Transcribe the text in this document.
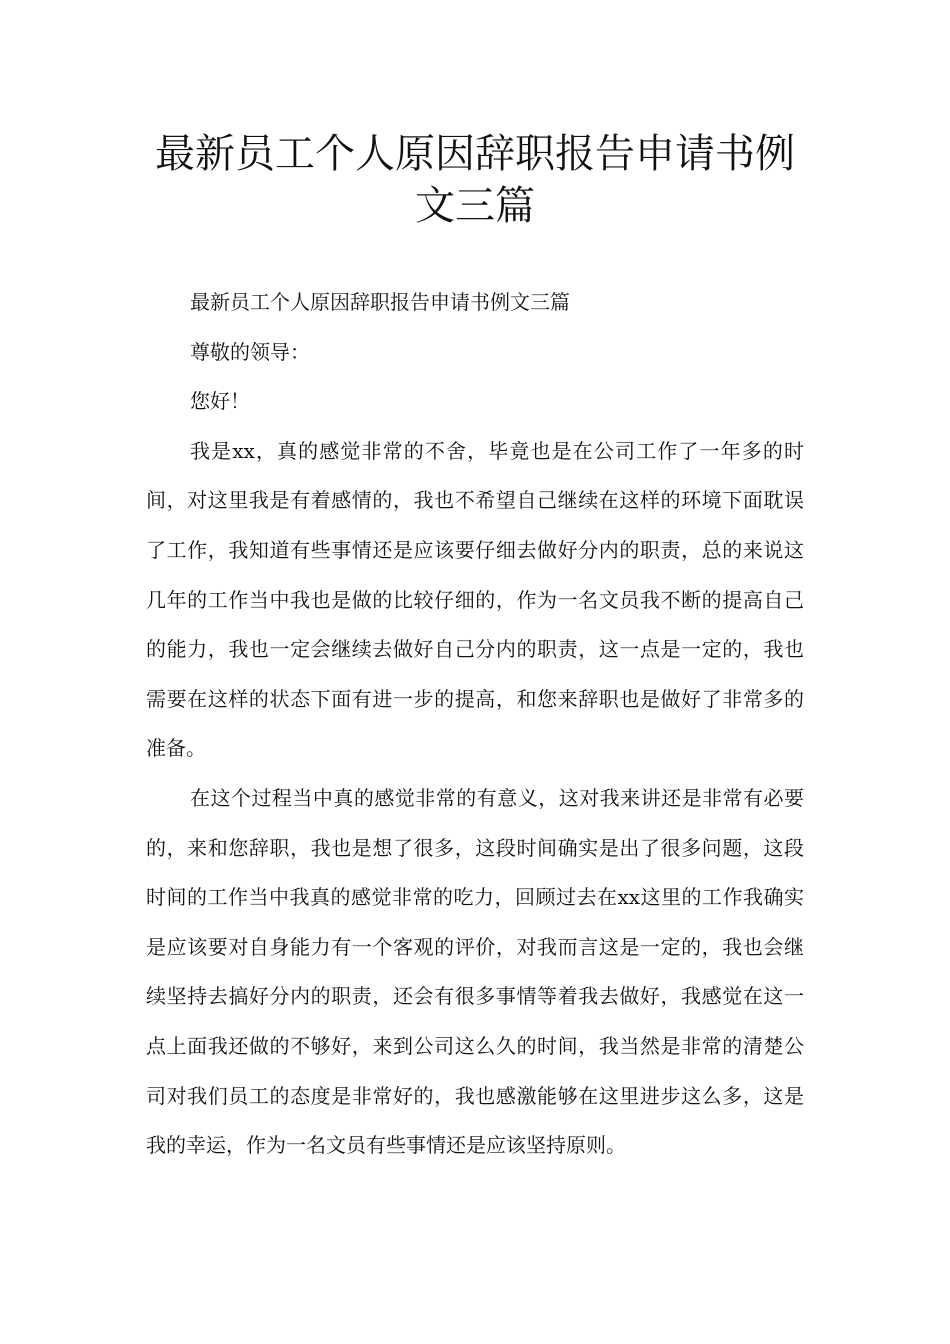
最新员工个人原因辞职报告申请书例文三篇

最新员工个人原因辞职报告申请书例文三篇

尊敬的领导：

您好！

我是xx，真的感觉非常的不舍，毕竟也是在公司工作了一年多的时间，对这里我是有着感情的，我也不希望自己继续在这样的环境下面耽误了工作，我知道有些事情还是应该要仔细去做好分内的职责，总的来说这几年的工作当中我也是做的比较仔细的，作为一名文员我不断的提高自己的能力，我也一定会继续去做好自己分内的职责，这一点是一定的，我也需要在这样的状态下面有进一步的提高，和您来辞职也是做好了非常多的准备。

在这个过程当中真的感觉非常的有意义，这对我来讲还是非常有必要的，来和您辞职，我也是想了很多，这段时间确实是出了很多问题，这段时间的工作当中我真的感觉非常的吃力，回顾过去在xx这里的工作我确实是应该要对自身能力有一个客观的评价，对我而言这是一定的，我也会继续坚持去搞好分内的职责，还会有很多事情等着我去做好，我感觉在这一点上面我还做的不够好，来到公司这么久的时间，我当然是非常的清楚公司对我们员工的态度是非常好的，我也感激能够在这里进步这么多，这是我的幸运，作为一名文员有些事情还是应该坚持原则。
